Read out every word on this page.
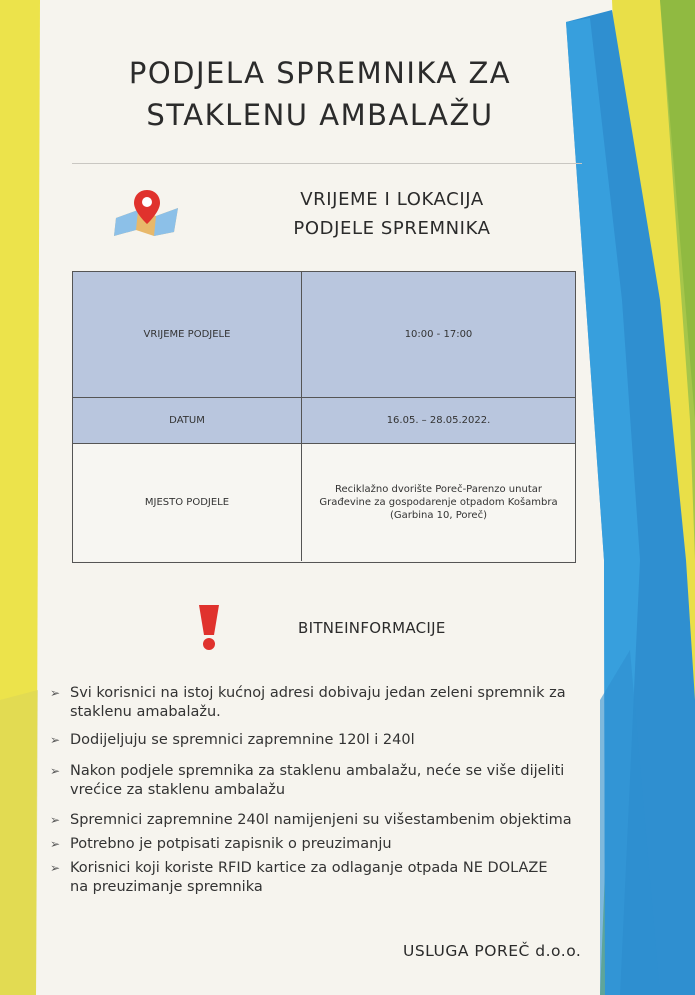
PODJELA SPREMNIKA ZA
STAKLENU AMBALAŽU
VRIJEME I LOKACIJA
PODJELE SPREMNIKA
VRIJEME PODJELE	10:00 - 17:00
DATUM	16.05. – 28.05.2022.
MJESTO PODJELE
Reciklažno dvorište Poreč-Parenzo unutar
Građevine za gospodarenje otpadom Košambra
(Garbina 10, Poreč)
BITNEINFORMACIJE
➢ Svi korisnici na istoj kućnoj adresi dobivaju jedan zeleni spremnik za
staklenu amabalažu.
➢ Dodijeljuju se spremnici zapremnine 120l i 240l
➢ Nakon podjele spremnika za staklenu ambalažu, neće se više dijeliti
vrećice za staklenu ambalažu
➢ Spremnici zapremnine 240l namijenjeni su višestambenim objektima
➢ Potrebno je potpisati zapisnik o preuzimanju
➢ Korisnici koji koriste RFID kartice za odlaganje otpada NE DOLAZE
na preuzimanje spremnika
USLUGA POREČ d.o.o.
